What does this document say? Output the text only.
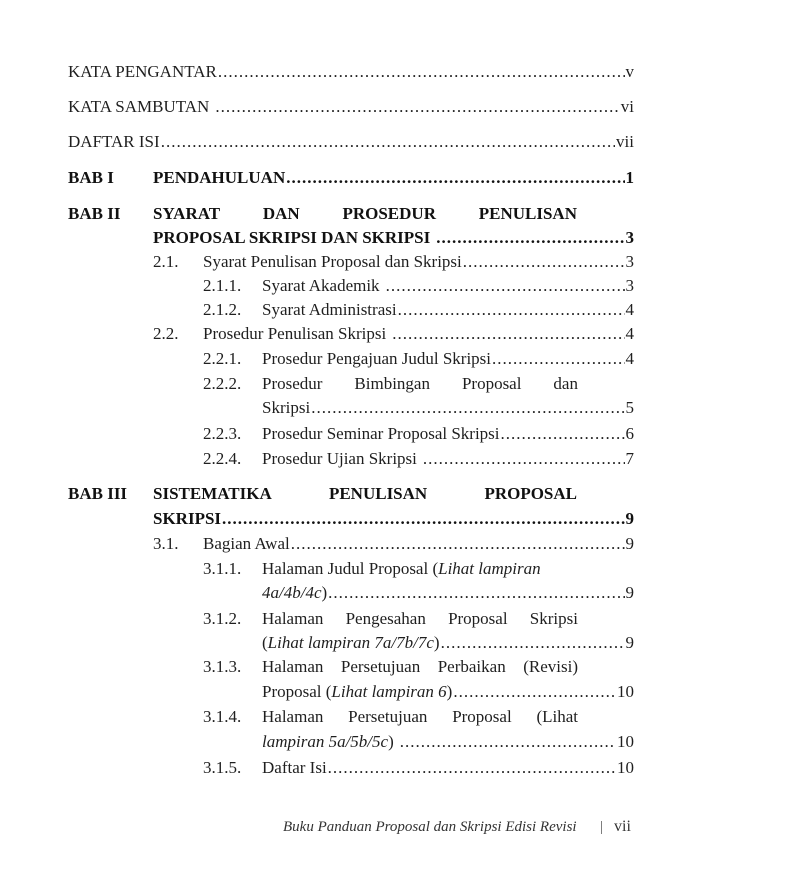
KATA PENGANTAR .....	v
KATA SAMBUTAN .....	vi
DAFTAR ISI .....	vii
BAB I PENDAHULUAN .....	1
BAB II SYARAT	DAN	PROSEDUR	PENULISAN
PROPOSAL SKRIPSI DAN SKRIPSI .....	3
2.1. Syarat Penulisan Proposal dan Skripsi .....	3
2.1.1. Syarat Akademik .....	3
2.1.2. Syarat Administrasi .....	4
2.2. Prosedur Penulisan Skripsi .....	4
2.2.1. Prosedur Pengajuan Judul Skripsi .....	4
2.2.2. Prosedur Bimbingan Proposal dan
Skripsi .....	5
2.2.3. Prosedur Seminar Proposal Skripsi .....	6
2.2.4. Prosedur Ujian Skripsi .....	7
BAB III SISTEMATIKA	PENULISAN	PROPOSAL
SKRIPSI .....	9
3.1. Bagian Awal .....	9
3.1.1. Halaman Judul Proposal (Lihat lampiran
4a/4b/4c) .....	9
3.1.2. Halaman Pengesahan Proposal Skripsi
(Lihat lampiran 7a/7b/7c) .....	9
3.1.3. Halaman Persetujuan Perbaikan (Revisi)
Proposal (Lihat lampiran 6) .....	10
3.1.4. Halaman Persetujuan Proposal (Lihat
lampiran 5a/5b/5c) .....	10
3.1.5. Daftar Isi .....	10
Buku Panduan Proposal dan Skripsi Edisi Revisi | vii
